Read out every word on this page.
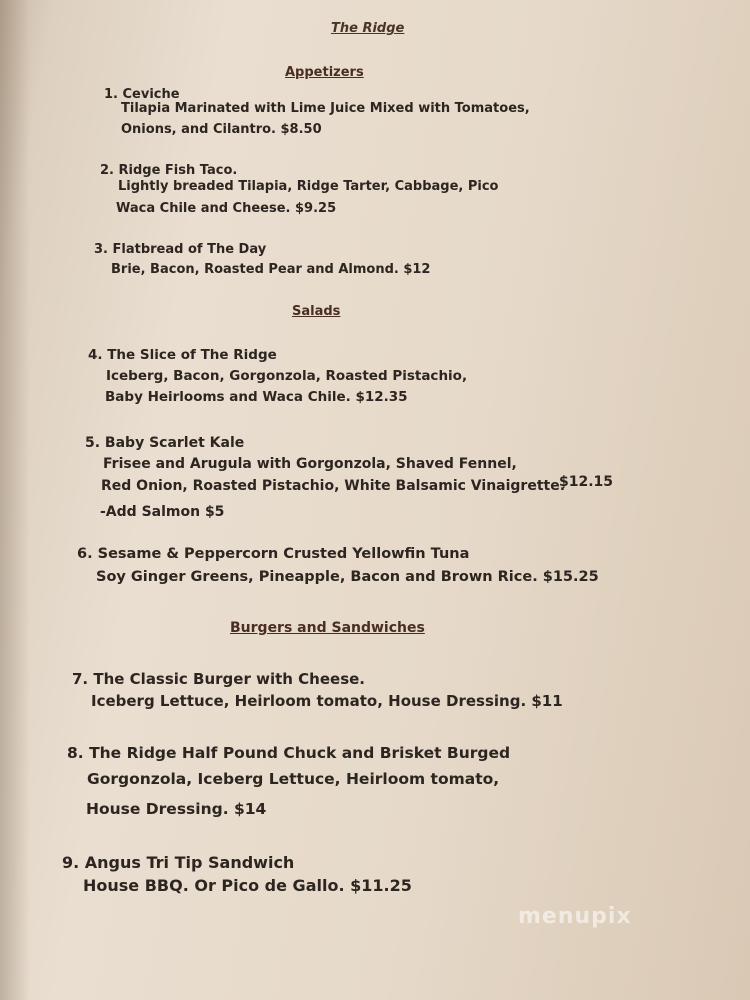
The Ridge
Appetizers
1. Ceviche
Tilapia Marinated with Lime Juice Mixed with Tomatoes,
Onions, and Cilantro. $8.50
2. Ridge Fish Taco.
Lightly breaded Tilapia, Ridge Tarter, Cabbage, Pico
Waca Chile and Cheese. $9.25
3. Flatbread of The Day
Brie, Bacon, Roasted Pear and Almond. $12
Salads
4. The Slice of The Ridge
Iceberg, Bacon, Gorgonzola, Roasted Pistachio,
Baby Heirlooms and Waca Chile. $12.35
5. Baby Scarlet Kale
Frisee and Arugula with Gorgonzola, Shaved Fennel,
Red Onion, Roasted Pistachio, White Balsamic Vinaigrette.
$12.15
-Add Salmon $5
6. Sesame & Peppercorn Crusted Yellowfin Tuna
Soy Ginger Greens, Pineapple, Bacon and Brown Rice. $15.25
Burgers and Sandwiches
7. The Classic Burger with Cheese.
Iceberg Lettuce, Heirloom tomato, House Dressing. $11
8. The Ridge Half Pound Chuck and Brisket Burged
Gorgonzola, Iceberg Lettuce, Heirloom tomato,
House Dressing. $14
9. Angus Tri Tip Sandwich
House BBQ. Or Pico de Gallo. $11.25
menupix
